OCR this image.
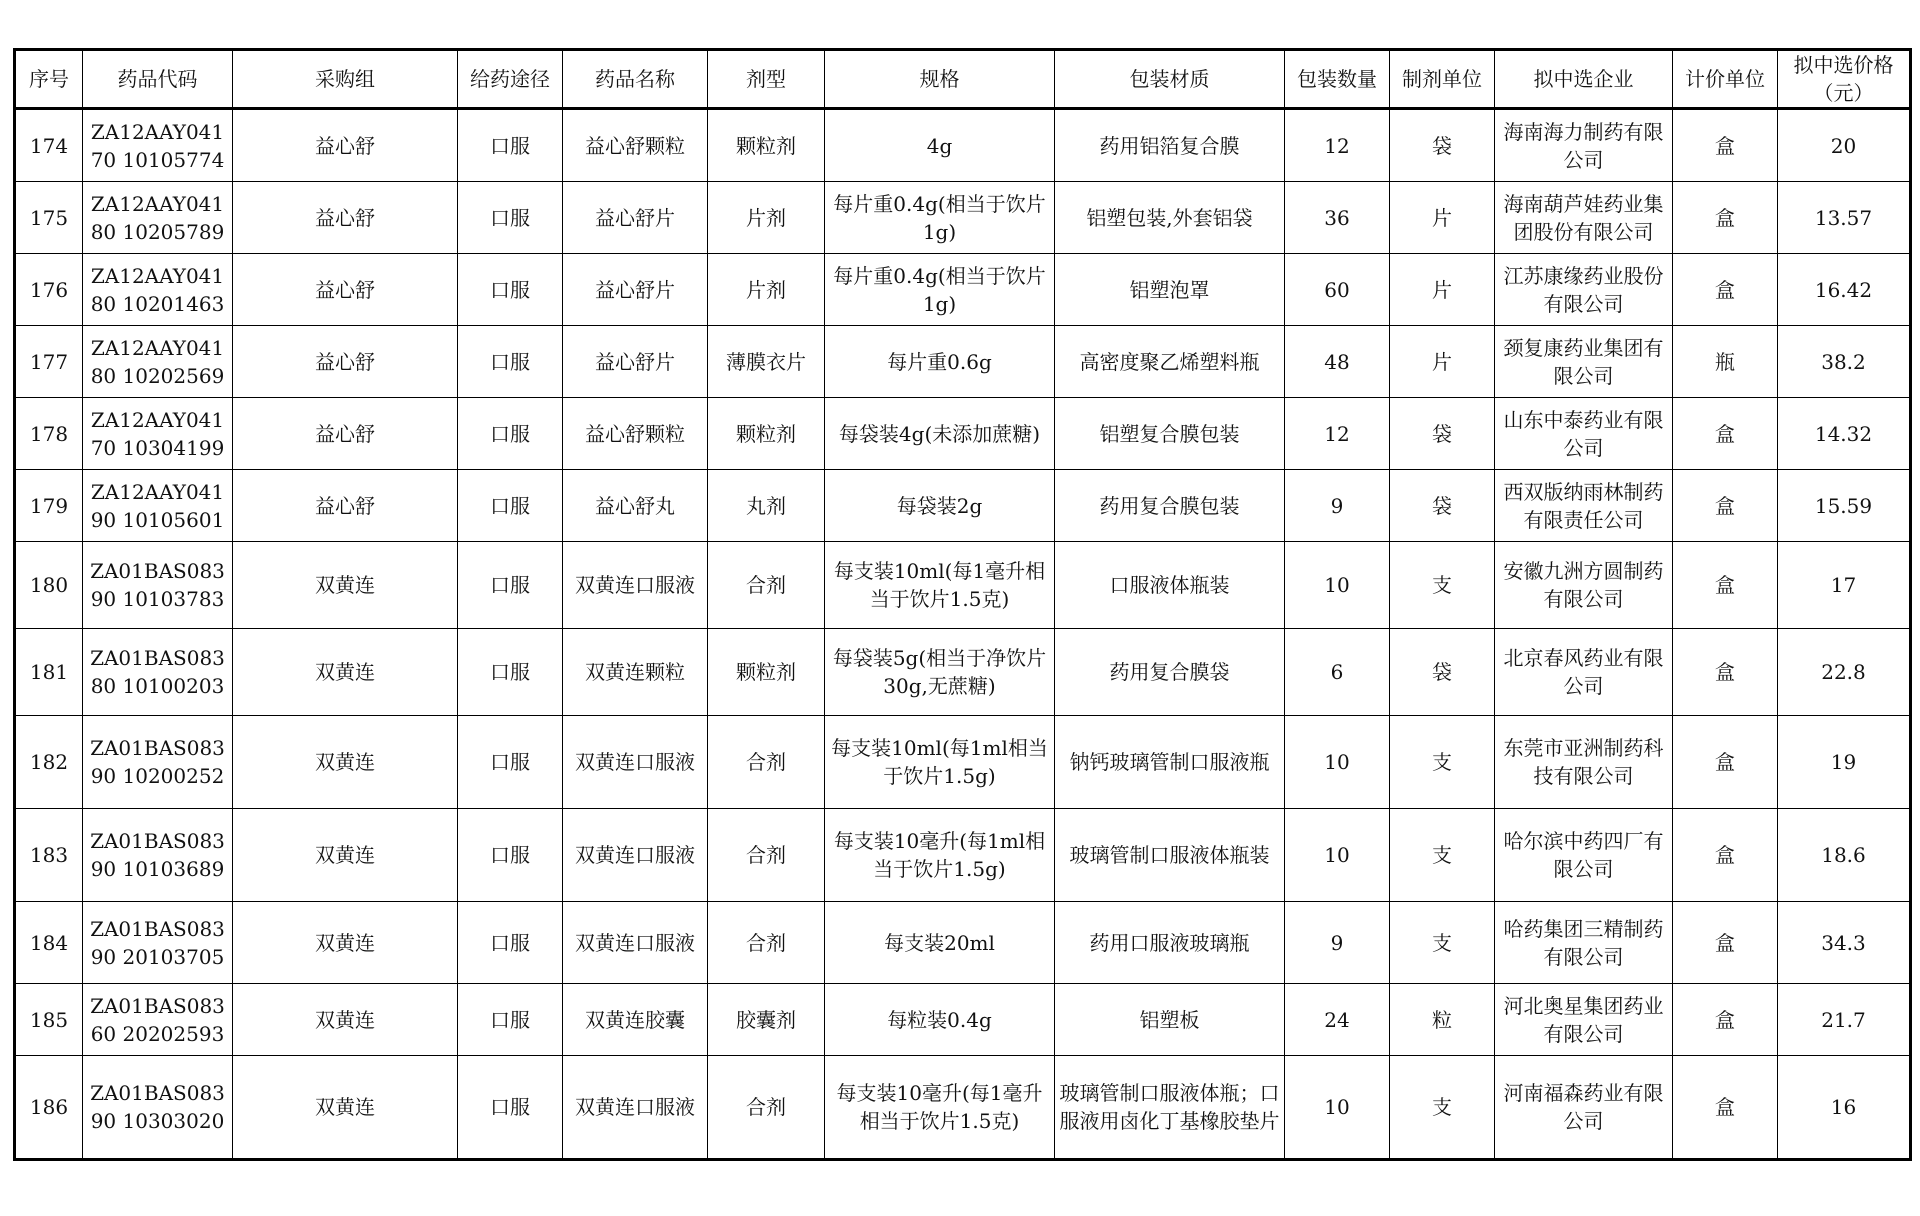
序号	药品代码	采购组	给药途径	药品名称	剂型	规格	包装材质	包装数量	制剂单位	拟中选企业	计价单位	拟中选价格（元）
174	ZA12AAY04170 10105774	益心舒	口服	益心舒颗粒	颗粒剂	4g	药用铝箔复合膜	12	袋	海南海力制药有限公司	盒	20
175	ZA12AAY04180 10205789	益心舒	口服	益心舒片	片剂	每片重0.4g(相当于饮片1g)	铝塑包装,外套铝袋	36	片	海南葫芦娃药业集团股份有限公司	盒	13.57
176	ZA12AAY04180 10201463	益心舒	口服	益心舒片	片剂	每片重0.4g(相当于饮片1g)	铝塑泡罩	60	片	江苏康缘药业股份有限公司	盒	16.42
177	ZA12AAY04180 10202569	益心舒	口服	益心舒片	薄膜衣片	每片重0.6g	高密度聚乙烯塑料瓶	48	片	颈复康药业集团有限公司	瓶	38.2
178	ZA12AAY04170 10304199	益心舒	口服	益心舒颗粒	颗粒剂	每袋装4g(未添加蔗糖)	铝塑复合膜包装	12	袋	山东中泰药业有限公司	盒	14.32
179	ZA12AAY04190 10105601	益心舒	口服	益心舒丸	丸剂	每袋装2g	药用复合膜包装	9	袋	西双版纳雨林制药有限责任公司	盒	15.59
180	ZA01BAS08390 10103783	双黄连	口服	双黄连口服液	合剂	每支装10ml(每1毫升相当于饮片1.5克)	口服液体瓶装	10	支	安徽九洲方圆制药有限公司	盒	17
181	ZA01BAS08380 10100203	双黄连	口服	双黄连颗粒	颗粒剂	每袋装5g(相当于净饮片30g,无蔗糖)	药用复合膜袋	6	袋	北京春风药业有限公司	盒	22.8
182	ZA01BAS08390 10200252	双黄连	口服	双黄连口服液	合剂	每支装10ml(每1ml相当于饮片1.5g)	钠钙玻璃管制口服液瓶	10	支	东莞市亚洲制药科技有限公司	盒	19
183	ZA01BAS08390 10103689	双黄连	口服	双黄连口服液	合剂	每支装10毫升(每1ml相当于饮片1.5g)	玻璃管制口服液体瓶装	10	支	哈尔滨中药四厂有限公司	盒	18.6
184	ZA01BAS08390 20103705	双黄连	口服	双黄连口服液	合剂	每支装20ml	药用口服液玻璃瓶	9	支	哈药集团三精制药有限公司	盒	34.3
185	ZA01BAS08360 20202593	双黄连	口服	双黄连胶囊	胶囊剂	每粒装0.4g	铝塑板	24	粒	河北奥星集团药业有限公司	盒	21.7
186	ZA01BAS08390 10303020	双黄连	口服	双黄连口服液	合剂	每支装10毫升(每1毫升相当于饮片1.5克)	玻璃管制口服液体瓶；口服液用卤化丁基橡胶垫片	10	支	河南福森药业有限公司	盒	16
